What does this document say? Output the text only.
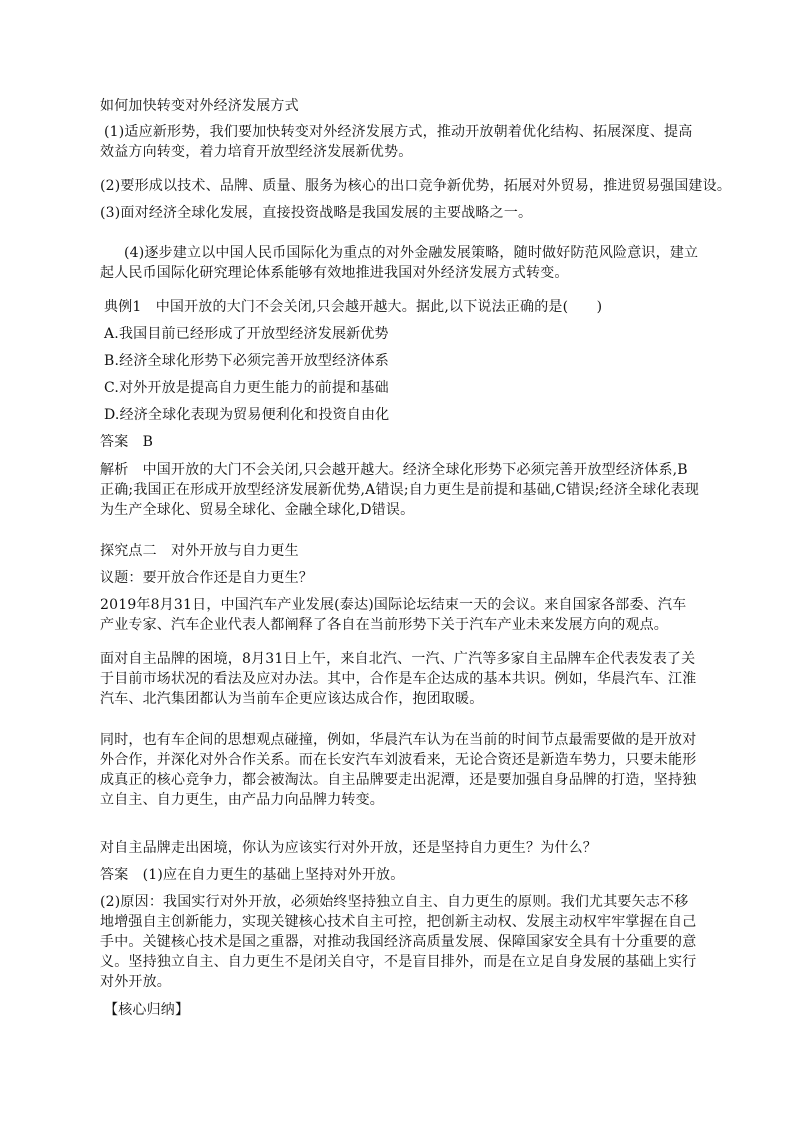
如何加快转变对外经济发展方式
(1)适应新形势，我们要加快转变对外经济发展方式，推动开放朝着优化结构、拓展深度、提高效益方向转变，着力培育开放型经济发展新优势。
(2)要形成以技术、品牌、质量、服务为核心的出口竞争新优势，拓展对外贸易，推进贸易强国建设。
(3)面对经济全球化发展，直接投资战略是我国发展的主要战略之一。
(4)逐步建立以中国人民币国际化为重点的对外金融发展策略，随时做好防范风险意识，建立起人民币国际化研究理论体系能够有效地推进我国对外经济发展方式转变。
典例1　中国开放的大门不会关闭,只会越开越大。据此,以下说法正确的是(　　)
A.我国目前已经形成了开放型经济发展新优势
B.经济全球化形势下必须完善开放型经济体系
C.对外开放是提高自力更生能力的前提和基础
D.经济全球化表现为贸易便利化和投资自由化
答案　B
解析　中国开放的大门不会关闭,只会越开越大。经济全球化形势下必须完善开放型经济体系,B正确;我国正在形成开放型经济发展新优势,A错误;自力更生是前提和基础,C错误;经济全球化表现为生产全球化、贸易全球化、金融全球化,D错误。
探究点二　对外开放与自力更生
议题：要开放合作还是自力更生？
2019年8月31日，中国汽车产业发展(泰达)国际论坛结束一天的会议。来自国家各部委、汽车产业专家、汽车企业代表人都阐释了各自在当前形势下关于汽车产业未来发展方向的观点。
面对自主品牌的困境，8月31日上午，来自北汽、一汽、广汽等多家自主品牌车企代表发表了关于目前市场状况的看法及应对办法。其中，合作是车企达成的基本共识。例如，华晨汽车、江淮汽车、北汽集团都认为当前车企更应该达成合作，抱团取暖。
同时，也有车企间的思想观点碰撞，例如，华晨汽车认为在当前的时间节点最需要做的是开放对外合作，并深化对外合作关系。而在长安汽车刘波看来，无论合资还是新造车势力，只要未能形成真正的核心竞争力，都会被淘汰。自主品牌要走出泥潭，还是要加强自身品牌的打造，坚持独立自主、自力更生，由产品力向品牌力转变。
对自主品牌走出困境，你认为应该实行对外开放，还是坚持自力更生？为什么？
答案　(1)应在自力更生的基础上坚持对外开放。
(2)原因：我国实行对外开放，必须始终坚持独立自主、自力更生的原则。我们尤其要矢志不移地增强自主创新能力，实现关键核心技术自主可控，把创新主动权、发展主动权牢牢掌握在自己手中。关键核心技术是国之重器，对推动我国经济高质量发展、保障国家安全具有十分重要的意义。坚持独立自主、自力更生不是闭关自守，不是盲目排外，而是在立足自身发展的基础上实行对外开放。
【核心归纳】
